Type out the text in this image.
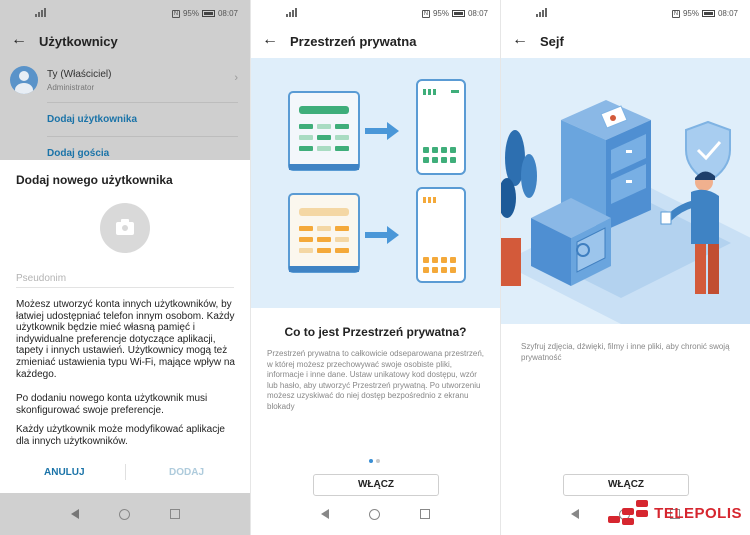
N 95% 08:07
← Użytkownicy
Ty (Właściciel)
Administrator
›
Dodaj użytkownika
Dodaj gościa
Dodaj nowego użytkownika
Pseudonim

Możesz utworzyć konta innych użytkowników, by łatwiej udostępniać telefon innym osobom. Każdy użytkownik będzie mieć własną pamięć i indywidualne preferencje dotyczące aplikacji, tapety i innych ustawień. Użytkownicy mogą też zmieniać ustawienia typu Wi-Fi, mające wpływ na każdego.

Po dodaniu nowego konta użytkownik musi skonfigurować swoje preferencje.

Każdy użytkownik może modyfikować aplikacje dla innych użytkowników.

ANULUJ	DODAJ
N 95% 08:07
← Przestrzeń prywatna
Co to jest Przestrzeń prywatna?

Przestrzeń prywatna to całkowicie odseparowana przestrzeń, w której możesz przechowywać swoje osobiste pliki, informacje i inne dane. Ustaw unikatowy kod dostępu, wzór lub hasło, aby utworzyć Przestrzeń prywatną. Po utworzeniu możesz uzyskiwać do niej dostęp bezpośrednio z ekranu blokady

WŁĄCZ
N 95% 08:07
← Sejf

Szyfruj zdjęcia, dźwięki, filmy i inne pliki, aby chronić swoją prywatność

WŁĄCZ
TELEPOLIS
